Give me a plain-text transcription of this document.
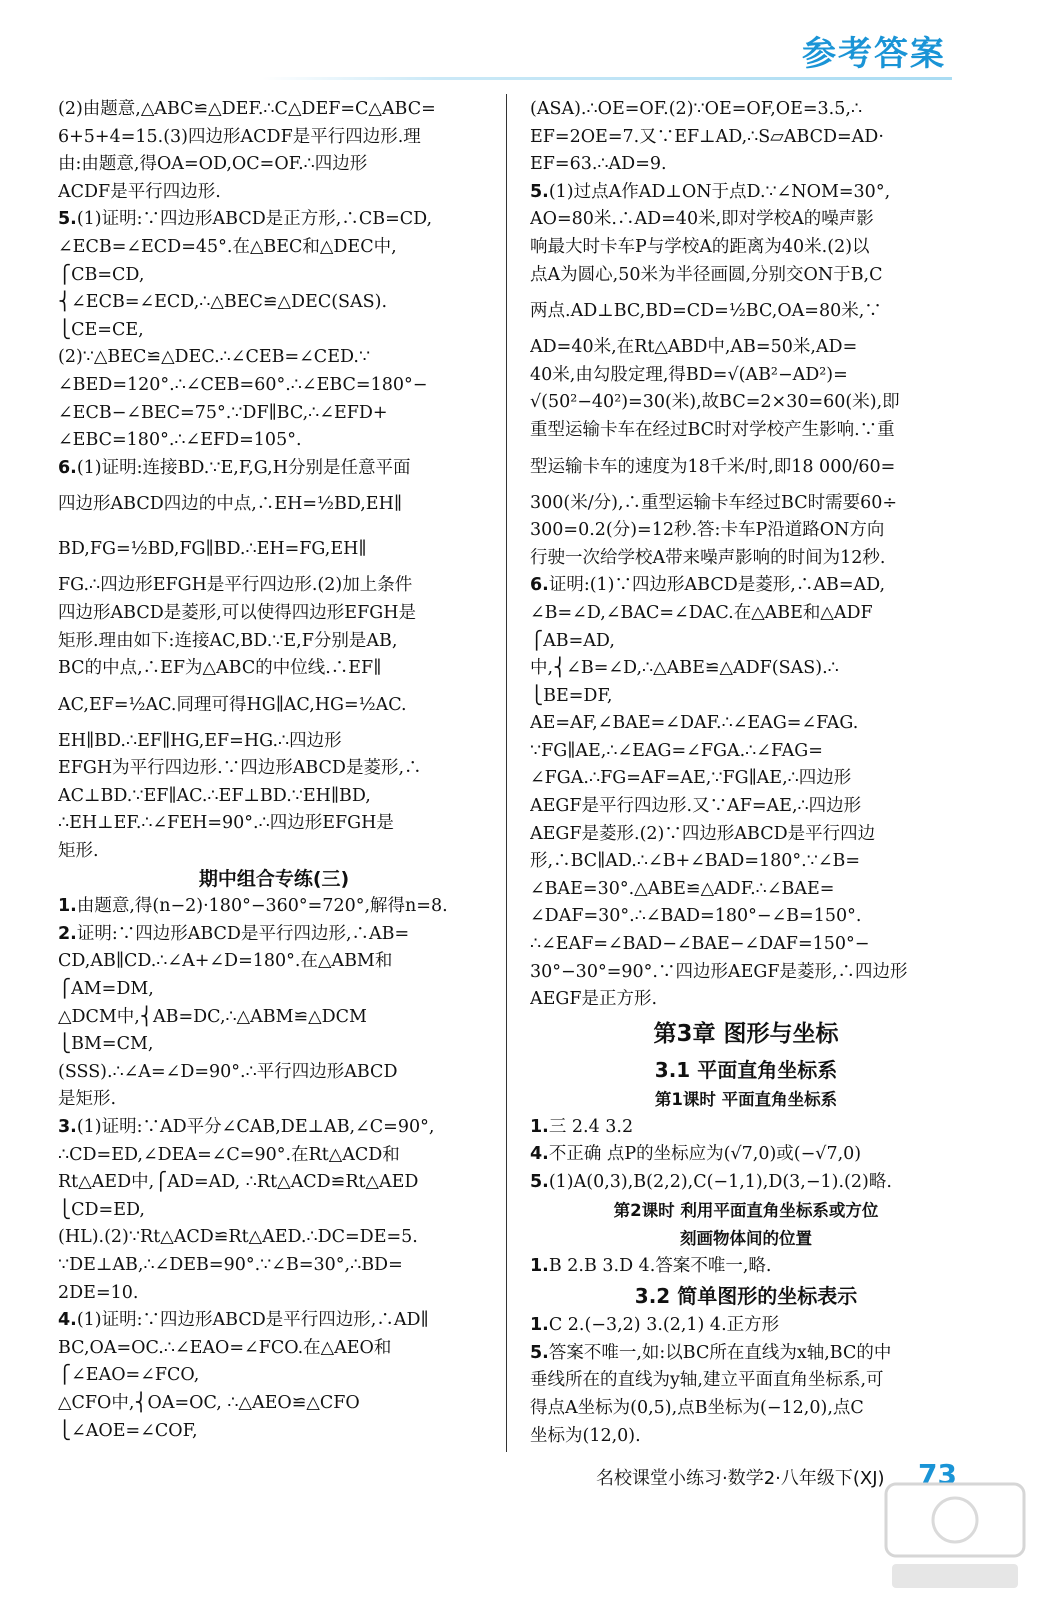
参考答案
(2)由题意,△ABC≌△DEF.∴C△DEF=C△ABC=
6+5+4=15.(3)四边形ACDF是平行四边形.理
由:由题意,得OA=OD,OC=OF.∴四边形
ACDF是平行四边形.
5.(1)证明:∵四边形ABCD是正方形,∴CB=CD,
∠ECB=∠ECD=45°.在△BEC和△DEC中,
⎧CB=CD,
⎨∠ECB=∠ECD,∴△BEC≌△DEC(SAS).
⎩CE=CE,
(2)∵△BEC≌△DEC.∴∠CEB=∠CED.∵
∠BED=120°.∴∠CEB=60°.∴∠EBC=180°−
∠ECB−∠BEC=75°.∵DF∥BC,∴∠EFD+
∠EBC=180°.∴∠EFD=105°.
6.(1)证明:连接BD.∵E,F,G,H分别是任意平面
四边形ABCD四边的中点,∴EH=½BD,EH∥
BD,FG=½BD,FG∥BD.∴EH=FG,EH∥
FG.∴四边形EFGH是平行四边形.(2)加上条件
四边形ABCD是菱形,可以使得四边形EFGH是
矩形.理由如下:连接AC,BD.∵E,F分别是AB,
BC的中点,∴EF为△ABC的中位线.∴EF∥
AC,EF=½AC.同理可得HG∥AC,HG=½AC.
EH∥BD.∴EF∥HG,EF=HG.∴四边形
EFGH为平行四边形.∵四边形ABCD是菱形,∴
AC⊥BD.∵EF∥AC.∴EF⊥BD.∵EH∥BD,
∴EH⊥EF.∴∠FEH=90°.∴四边形EFGH是
矩形.
期中组合专练(三)
1.由题意,得(n−2)·180°−360°=720°,解得n=8.
2.证明:∵四边形ABCD是平行四边形,∴AB=
CD,AB∥CD.∴∠A+∠D=180°.在△ABM和
⎧AM=DM,
△DCM中,⎨AB=DC,∴△ABM≌△DCM
⎩BM=CM,
(SSS).∴∠A=∠D=90°.∴平行四边形ABCD
是矩形.
3.(1)证明:∵AD平分∠CAB,DE⊥AB,∠C=90°,
∴CD=ED,∠DEA=∠C=90°.在Rt△ACD和
Rt△AED中,⎧AD=AD, ∴Rt△ACD≌Rt△AED
⎩CD=ED,
(HL).(2)∵Rt△ACD≌Rt△AED.∴DC=DE=5.
∵DE⊥AB,∴∠DEB=90°.∵∠B=30°,∴BD=
2DE=10.
4.(1)证明:∵四边形ABCD是平行四边形,∴AD∥
BC,OA=OC.∴∠EAO=∠FCO.在△AEO和
⎧∠EAO=∠FCO,
△CFO中,⎨OA=OC, ∴△AEO≌△CFO
⎩∠AOE=∠COF,
(ASA).∴OE=OF.(2)∵OE=OF,OE=3.5,∴
EF=2OE=7.又∵EF⊥AD,∴S▱ABCD=AD·
EF=63.∴AD=9.
5.(1)过点A作AD⊥ON于点D.∵∠NOM=30°,
AO=80米.∴AD=40米,即对学校A的噪声影
响最大时卡车P与学校A的距离为40米.(2)以
点A为圆心,50米为半径画圆,分别交ON于B,C
两点.AD⊥BC,BD=CD=½BC,OA=80米,∵
AD=40米,在Rt△ABD中,AB=50米,AD=
40米,由勾股定理,得BD=√(AB²−AD²)=
√(50²−40²)=30(米),故BC=2×30=60(米),即
重型运输卡车在经过BC时对学校产生影响.∵重
型运输卡车的速度为18千米/时,即18 000/60=
300(米/分),∴重型运输卡车经过BC时需要60÷
300=0.2(分)=12秒.答:卡车P沿道路ON方向
行驶一次给学校A带来噪声影响的时间为12秒.
6.证明:(1)∵四边形ABCD是菱形,∴AB=AD,
∠B=∠D,∠BAC=∠DAC.在△ABE和△ADF
⎧AB=AD,
中,⎨∠B=∠D,∴△ABE≌△ADF(SAS).∴
⎩BE=DF,
AE=AF,∠BAE=∠DAF.∴∠EAG=∠FAG.
∵FG∥AE,∴∠EAG=∠FGA.∴∠FAG=
∠FGA.∴FG=AF=AE,∵FG∥AE,∴四边形
AEGF是平行四边形.又∵AF=AE,∴四边形
AEGF是菱形.(2)∵四边形ABCD是平行四边
形,∴BC∥AD.∴∠B+∠BAD=180°.∵∠B=
∠BAE=30°.△ABE≌△ADF.∴∠BAE=
∠DAF=30°.∴∠BAD=180°−∠B=150°.
∴∠EAF=∠BAD−∠BAE−∠DAF=150°−
30°−30°=90°.∵四边形AEGF是菱形,∴四边形
AEGF是正方形.
第3章 图形与坐标
3.1 平面直角坐标系
第1课时 平面直角坐标系
1.三 2.4 3.2
4.不正确 点P的坐标应为(√7,0)或(−√7,0)
5.(1)A(0,3),B(2,2),C(−1,1),D(3,−1).(2)略.
第2课时 利用平面直角坐标系或方位
刻画物体间的位置
1.B 2.B 3.D 4.答案不唯一,略.
3.2 简单图形的坐标表示
1.C 2.(−3,2) 3.(2,1) 4.正方形
5.答案不唯一,如:以BC所在直线为x轴,BC的中
垂线所在的直线为y轴,建立平面直角坐标系,可
得点A坐标为(0,5),点B坐标为(−12,0),点C
坐标为(12,0).
名校课堂小练习·数学2·八年级下(XJ) 73
